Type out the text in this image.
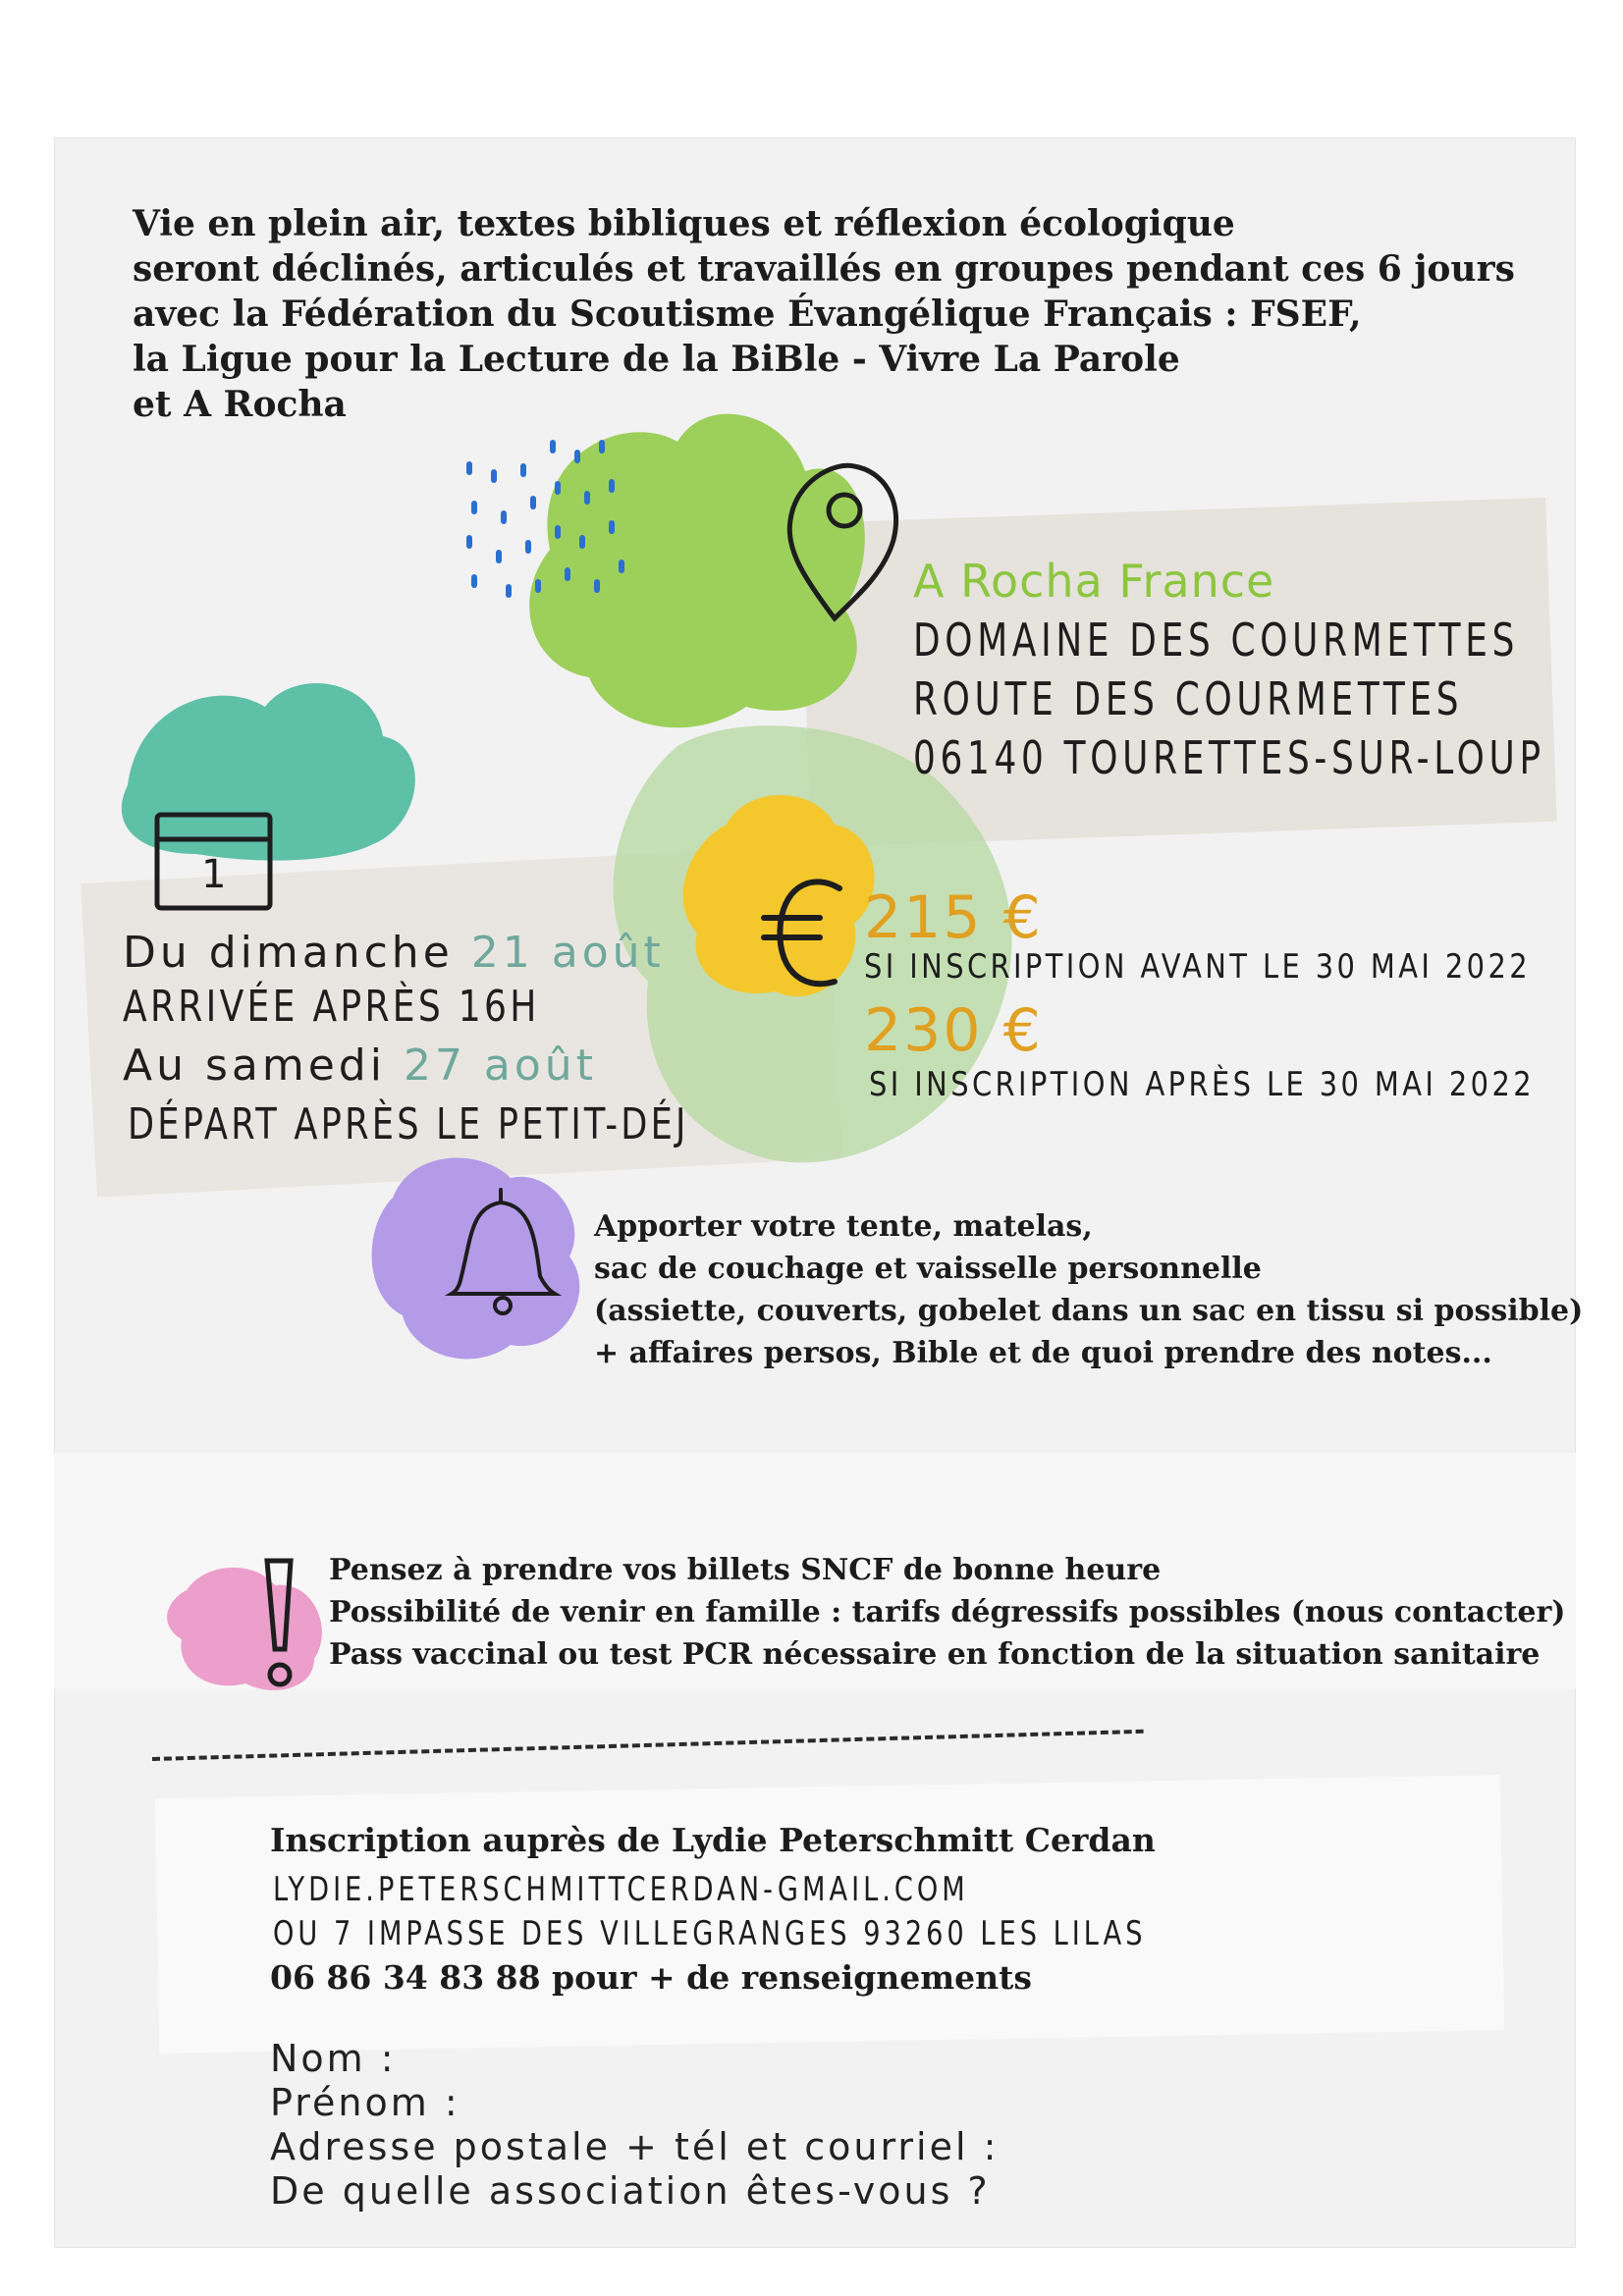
Vie en plein air, textes bibliques et réflexion écologique
seront déclinés, articulés et travaillés en groupes pendant ces 6 jours
avec la Fédération du Scoutisme Évangélique Français : FSEF,
la Ligue pour la Lecture de la BiBle - Vivre La Parole
et A Rocha
A Rocha France
DOMAINE DES COURMETTES
ROUTE DES COURMETTES
06140 TOURETTES-SUR-LOUP
1
Du dimanche 21 août
ARRIVÉE APRÈS 16H
Au samedi 27 août
DÉPART APRÈS LE PETIT-DÉJ
215 €
SI INSCRIPTION AVANT LE 30 MAI 2022
230 €
SI INSCRIPTION APRÈS LE 30 MAI 2022
Apporter votre tente, matelas,
sac de couchage et vaisselle personnelle
(assiette, couverts, gobelet dans un sac en tissu si possible)
+ affaires persos, Bible et de quoi prendre des notes...
Pensez à prendre vos billets SNCF de bonne heure
Possibilité de venir en famille : tarifs dégressifs possibles (nous contacter)
Pass vaccinal ou test PCR nécessaire en fonction de la situation sanitaire
Inscription auprès de Lydie Peterschmitt Cerdan
LYDIE.PETERSCHMITTCERDAN-GMAIL.COM
OU 7 IMPASSE DES VILLEGRANGES 93260 LES LILAS
06 86 34 83 88 pour + de renseignements
Nom :
Prénom :
Adresse postale + tél et courriel :
De quelle association êtes-vous ?
